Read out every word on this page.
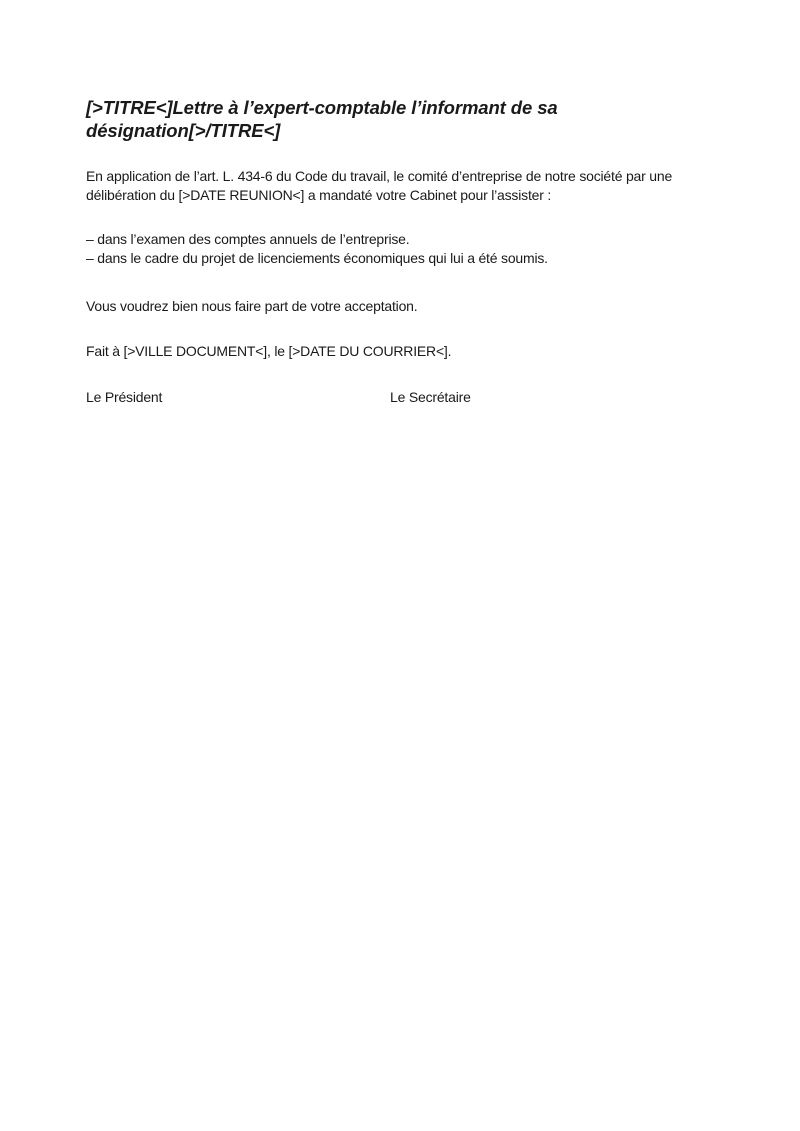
[>TITRE<]Lettre à l’expert-comptable l’informant de sa désignation[>/TITRE<]

En application de l’art. L. 434-6 du Code du travail, le comité d’entreprise de notre société par une délibération du [>DATE REUNION<] a mandaté votre Cabinet pour l’assister :

– dans l’examen des comptes annuels de l’entreprise.
– dans le cadre du projet de licenciements économiques qui lui a été soumis.

Vous voudrez bien nous faire part de votre acceptation.

Fait à [>VILLE DOCUMENT<], le [>DATE DU COURRIER<].

Le Président	Le Secrétaire
